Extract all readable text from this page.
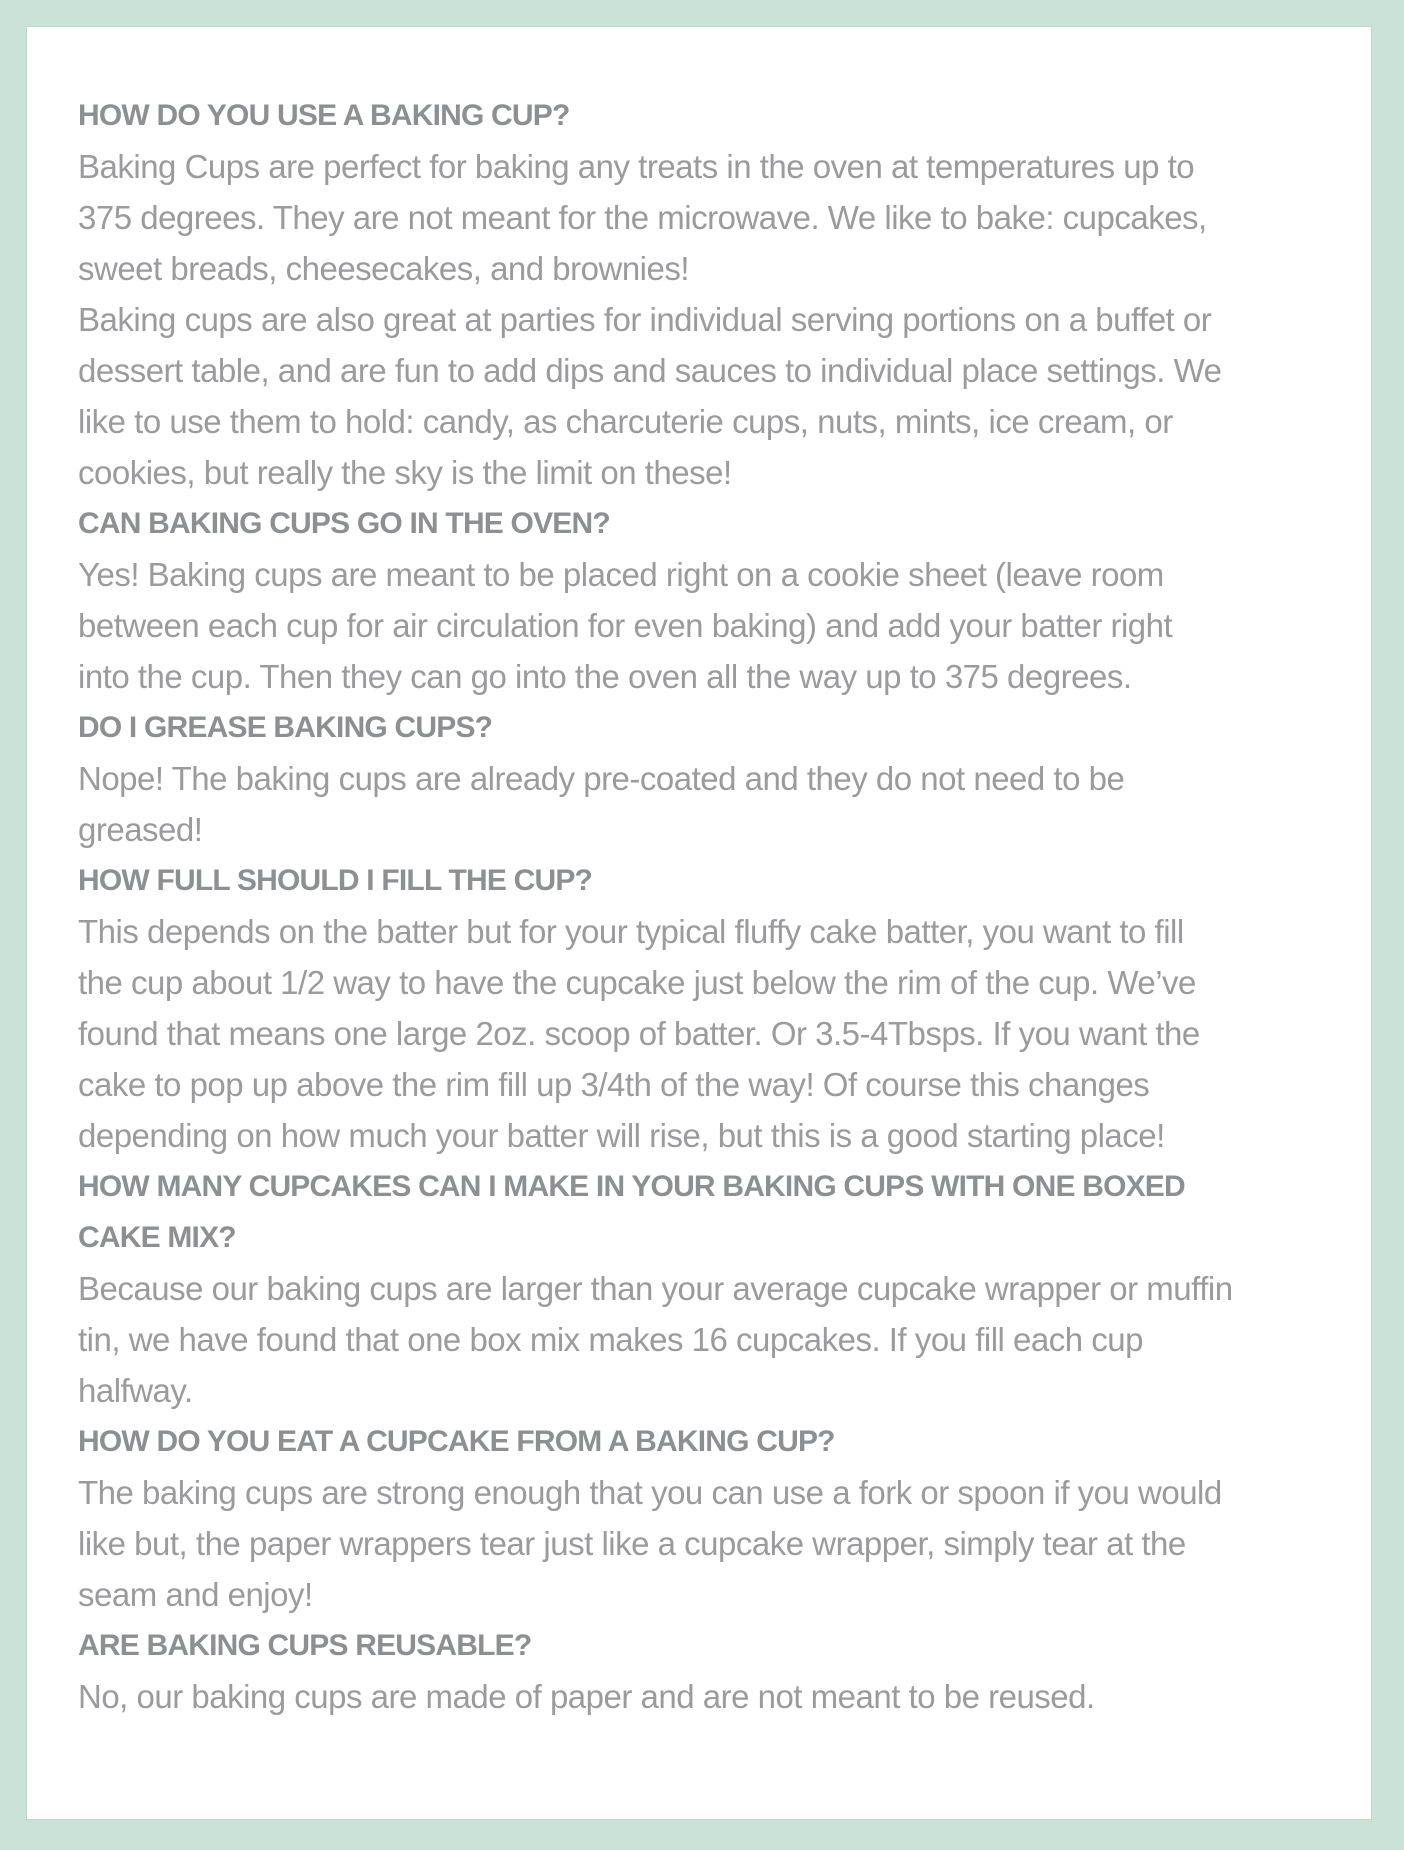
HOW DO YOU USE A BAKING CUP?
Baking Cups are perfect for baking any treats in the oven at temperatures up to
375 degrees. They are not meant for the microwave. We like to bake: cupcakes,
sweet breads, cheesecakes, and brownies!
Baking cups are also great at parties for individual serving portions on a buffet or
dessert table, and are fun to add dips and sauces to individual place settings. We
like to use them to hold: candy, as charcuterie cups, nuts, mints, ice cream, or
cookies, but really the sky is the limit on these!
CAN BAKING CUPS GO IN THE OVEN?
Yes! Baking cups are meant to be placed right on a cookie sheet (leave room
between each cup for air circulation for even baking) and add your batter right
into the cup. Then they can go into the oven all the way up to 375 degrees.
DO I GREASE BAKING CUPS?
Nope! The baking cups are already pre-coated and they do not need to be
greased!
HOW FULL SHOULD I FILL THE CUP?
This depends on the batter but for your typical fluffy cake batter, you want to fill
the cup about 1/2 way to have the cupcake just below the rim of the cup. We’ve
found that means one large 2oz. scoop of batter. Or 3.5-4Tbsps. If you want the
cake to pop up above the rim fill up 3/4th of the way! Of course this changes
depending on how much your batter will rise, but this is a good starting place!
HOW MANY CUPCAKES CAN I MAKE IN YOUR BAKING CUPS WITH ONE BOXED
CAKE MIX?
Because our baking cups are larger than your average cupcake wrapper or muffin
tin, we have found that one box mix makes 16 cupcakes. If you fill each cup
halfway.
HOW DO YOU EAT A CUPCAKE FROM A BAKING CUP?
The baking cups are strong enough that you can use a fork or spoon if you would
like but, the paper wrappers tear just like a cupcake wrapper, simply tear at the
seam and enjoy!
ARE BAKING CUPS REUSABLE?
No, our baking cups are made of paper and are not meant to be reused.
